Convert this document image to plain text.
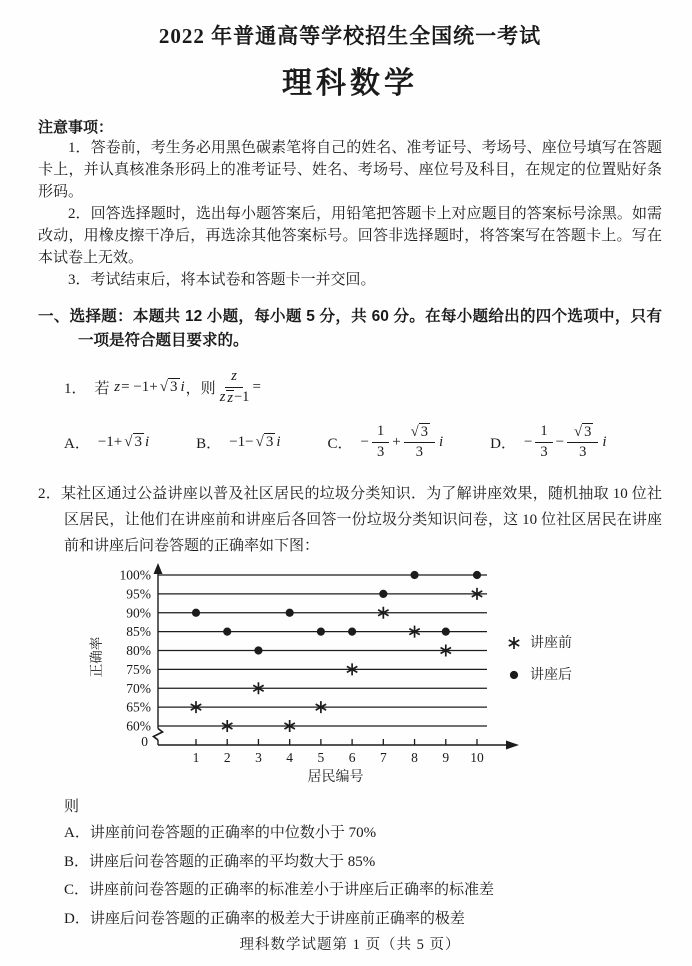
2022 年普通高等学校招生全国统一考试
理科数学
注意事项：

1．答卷前，考生务必用黑色碳素笔将自己的姓名、准考证号、考场号、座位号填写在答题卡上，并认真核准条形码上的准考证号、姓名、考场号、座位号及科目，在规定的位置贴好条形码。

2．回答选择题时，选出每小题答案后，用铅笔把答题卡上对应题目的答案标号涂黑。如需改动，用橡皮擦干净后，再选涂其他答案标号。回答非选择题时，将答案写在答题卡上。写在本试卷上无效。

3．考试结束后，将本试卷和答题卡一并交回。

一、选择题：本题共 12 小题，每小题 5 分，共 60 分。在每小题给出的四个选项中，只有一项是符合题目要求的。
1． 若
z = −1+ √ 3 i ，则 $\frac{z}{\text{z z −1}}$ =
A． −1+ √ 3 i	B． −1− √ 3 i	C． − $\frac{1}{3} + \frac{√ 3}{3}$ i	D． − $\frac{1}{3} - \frac{√ 3}{3}$ i
2．某社区通过公益讲座以普及社区居民的垃圾分类知识．为了解讲座效果，随机抽取 10 位社区居民，让他们在讲座前和讲座后各回答一份垃圾分类知识问卷，这 10 位社区居民在讲座前和讲座后问卷答题的正确率如下图：
100%
95%
90%
85%
80%
75%
70%
65%
60%
0
1 2 3 4 5 6 7 8 9 10
讲座前
讲座后
正确率
居民编号
则

A．讲座前问卷答题的正确率的中位数小于 70%

B．讲座后问卷答题的正确率的平均数大于 85%

C．讲座前问卷答题的正确率的标准差小于讲座后正确率的标准差

D．讲座后问卷答题的正确率的极差大于讲座前正确率的极差

理科数学试题第 1 页（共 5 页）
